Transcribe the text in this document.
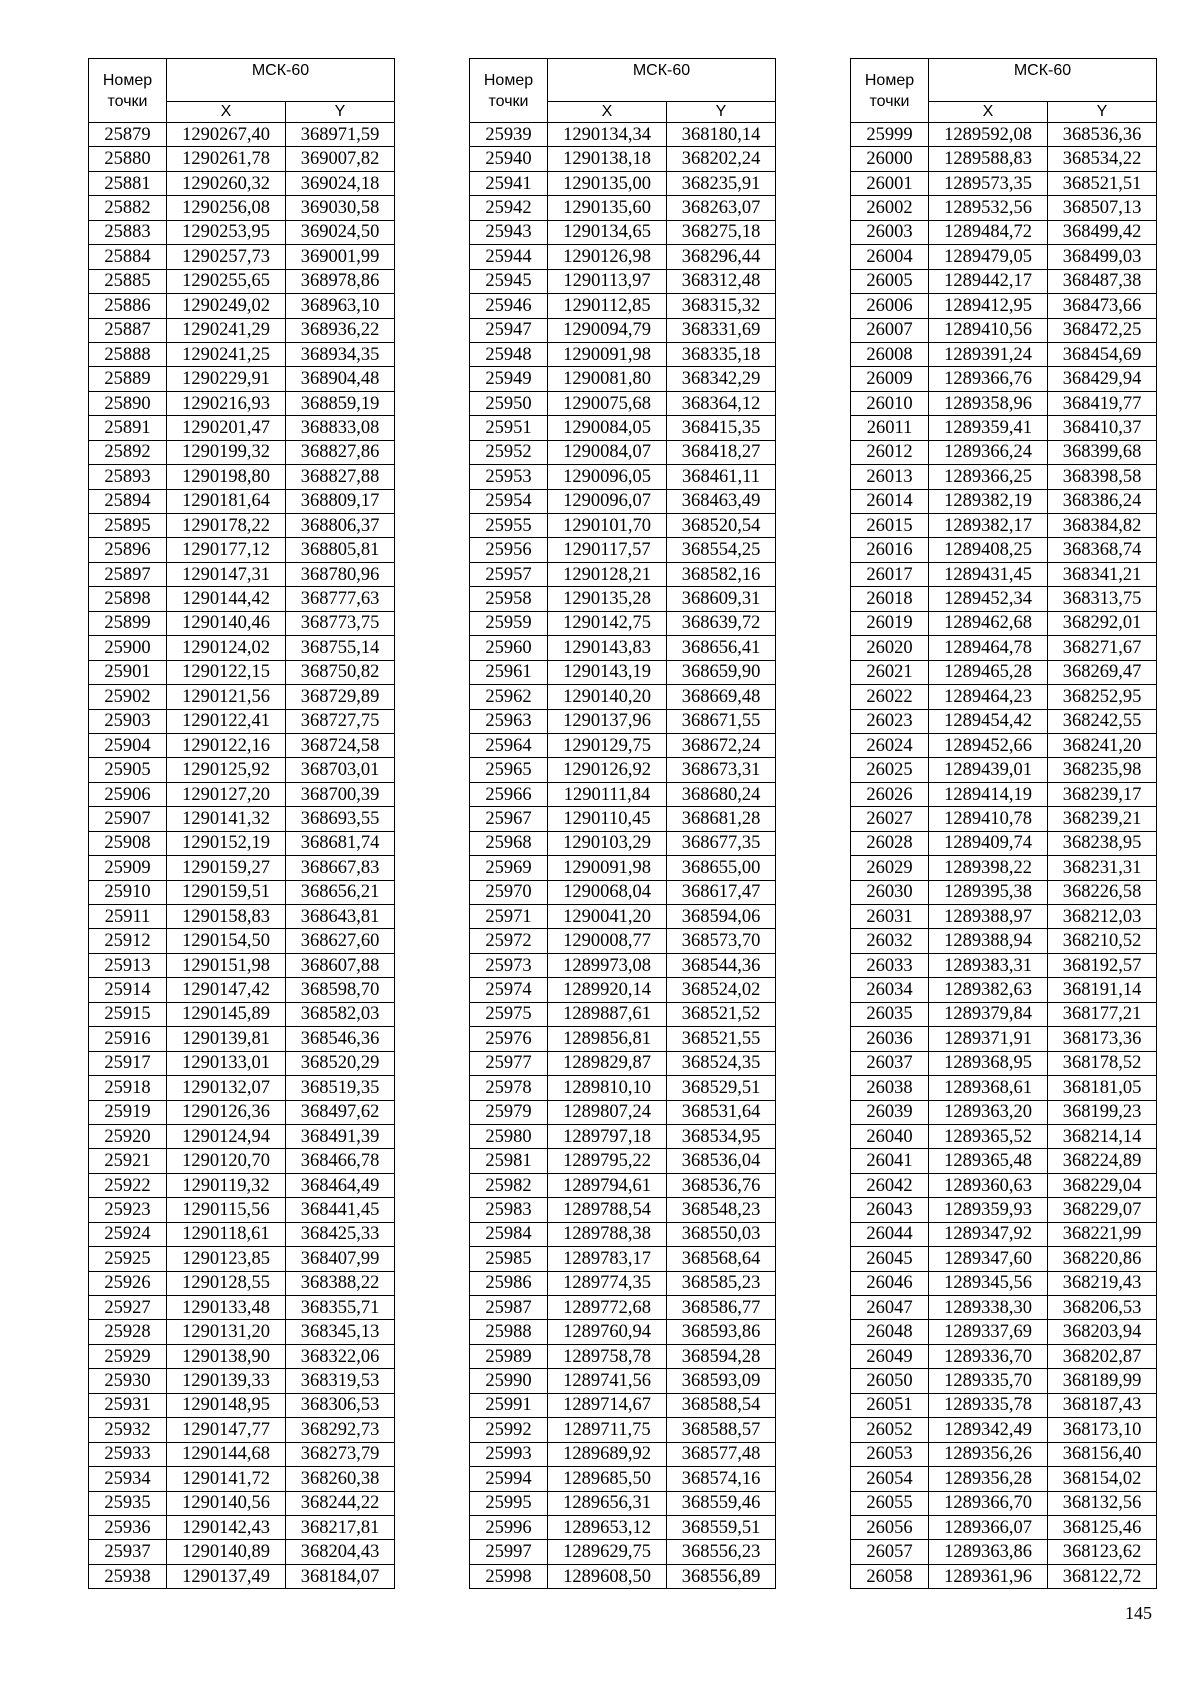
Номер точки	МСК-60	
	X	Y
25879	1290267,40	368971,59
25880	1290261,78	369007,82
25881	1290260,32	369024,18
25882	1290256,08	369030,58
25883	1290253,95	369024,50
25884	1290257,73	369001,99
25885	1290255,65	368978,86
25886	1290249,02	368963,10
25887	1290241,29	368936,22
25888	1290241,25	368934,35
25889	1290229,91	368904,48
25890	1290216,93	368859,19
25891	1290201,47	368833,08
25892	1290199,32	368827,86
25893	1290198,80	368827,88
25894	1290181,64	368809,17
25895	1290178,22	368806,37
25896	1290177,12	368805,81
25897	1290147,31	368780,96
25898	1290144,42	368777,63
25899	1290140,46	368773,75
25900	1290124,02	368755,14
25901	1290122,15	368750,82
25902	1290121,56	368729,89
25903	1290122,41	368727,75
25904	1290122,16	368724,58
25905	1290125,92	368703,01
25906	1290127,20	368700,39
25907	1290141,32	368693,55
25908	1290152,19	368681,74
25909	1290159,27	368667,83
25910	1290159,51	368656,21
25911	1290158,83	368643,81
25912	1290154,50	368627,60
25913	1290151,98	368607,88
25914	1290147,42	368598,70
25915	1290145,89	368582,03
25916	1290139,81	368546,36
25917	1290133,01	368520,29
25918	1290132,07	368519,35
25919	1290126,36	368497,62
25920	1290124,94	368491,39
25921	1290120,70	368466,78
25922	1290119,32	368464,49
25923	1290115,56	368441,45
25924	1290118,61	368425,33
25925	1290123,85	368407,99
25926	1290128,55	368388,22
25927	1290133,48	368355,71
25928	1290131,20	368345,13
25929	1290138,90	368322,06
25930	1290139,33	368319,53
25931	1290148,95	368306,53
25932	1290147,77	368292,73
25933	1290144,68	368273,79
25934	1290141,72	368260,38
25935	1290140,56	368244,22
25936	1290142,43	368217,81
25937	1290140,89	368204,43
25938	1290137,49	368184,07
Номер точки	МСК-60	
	X	Y
25939	1290134,34	368180,14
25940	1290138,18	368202,24
25941	1290135,00	368235,91
25942	1290135,60	368263,07
25943	1290134,65	368275,18
25944	1290126,98	368296,44
25945	1290113,97	368312,48
25946	1290112,85	368315,32
25947	1290094,79	368331,69
25948	1290091,98	368335,18
25949	1290081,80	368342,29
25950	1290075,68	368364,12
25951	1290084,05	368415,35
25952	1290084,07	368418,27
25953	1290096,05	368461,11
25954	1290096,07	368463,49
25955	1290101,70	368520,54
25956	1290117,57	368554,25
25957	1290128,21	368582,16
25958	1290135,28	368609,31
25959	1290142,75	368639,72
25960	1290143,83	368656,41
25961	1290143,19	368659,90
25962	1290140,20	368669,48
25963	1290137,96	368671,55
25964	1290129,75	368672,24
25965	1290126,92	368673,31
25966	1290111,84	368680,24
25967	1290110,45	368681,28
25968	1290103,29	368677,35
25969	1290091,98	368655,00
25970	1290068,04	368617,47
25971	1290041,20	368594,06
25972	1290008,77	368573,70
25973	1289973,08	368544,36
25974	1289920,14	368524,02
25975	1289887,61	368521,52
25976	1289856,81	368521,55
25977	1289829,87	368524,35
25978	1289810,10	368529,51
25979	1289807,24	368531,64
25980	1289797,18	368534,95
25981	1289795,22	368536,04
25982	1289794,61	368536,76
25983	1289788,54	368548,23
25984	1289788,38	368550,03
25985	1289783,17	368568,64
25986	1289774,35	368585,23
25987	1289772,68	368586,77
25988	1289760,94	368593,86
25989	1289758,78	368594,28
25990	1289741,56	368593,09
25991	1289714,67	368588,54
25992	1289711,75	368588,57
25993	1289689,92	368577,48
25994	1289685,50	368574,16
25995	1289656,31	368559,46
25996	1289653,12	368559,51
25997	1289629,75	368556,23
25998	1289608,50	368556,89
Номер точки	МСК-60	
	X	Y
25999	1289592,08	368536,36
26000	1289588,83	368534,22
26001	1289573,35	368521,51
26002	1289532,56	368507,13
26003	1289484,72	368499,42
26004	1289479,05	368499,03
26005	1289442,17	368487,38
26006	1289412,95	368473,66
26007	1289410,56	368472,25
26008	1289391,24	368454,69
26009	1289366,76	368429,94
26010	1289358,96	368419,77
26011	1289359,41	368410,37
26012	1289366,24	368399,68
26013	1289366,25	368398,58
26014	1289382,19	368386,24
26015	1289382,17	368384,82
26016	1289408,25	368368,74
26017	1289431,45	368341,21
26018	1289452,34	368313,75
26019	1289462,68	368292,01
26020	1289464,78	368271,67
26021	1289465,28	368269,47
26022	1289464,23	368252,95
26023	1289454,42	368242,55
26024	1289452,66	368241,20
26025	1289439,01	368235,98
26026	1289414,19	368239,17
26027	1289410,78	368239,21
26028	1289409,74	368238,95
26029	1289398,22	368231,31
26030	1289395,38	368226,58
26031	1289388,97	368212,03
26032	1289388,94	368210,52
26033	1289383,31	368192,57
26034	1289382,63	368191,14
26035	1289379,84	368177,21
26036	1289371,91	368173,36
26037	1289368,95	368178,52
26038	1289368,61	368181,05
26039	1289363,20	368199,23
26040	1289365,52	368214,14
26041	1289365,48	368224,89
26042	1289360,63	368229,04
26043	1289359,93	368229,07
26044	1289347,92	368221,99
26045	1289347,60	368220,86
26046	1289345,56	368219,43
26047	1289338,30	368206,53
26048	1289337,69	368203,94
26049	1289336,70	368202,87
26050	1289335,70	368189,99
26051	1289335,78	368187,43
26052	1289342,49	368173,10
26053	1289356,26	368156,40
26054	1289356,28	368154,02
26055	1289366,70	368132,56
26056	1289366,07	368125,46
26057	1289363,86	368123,62
26058	1289361,96	368122,72
145
